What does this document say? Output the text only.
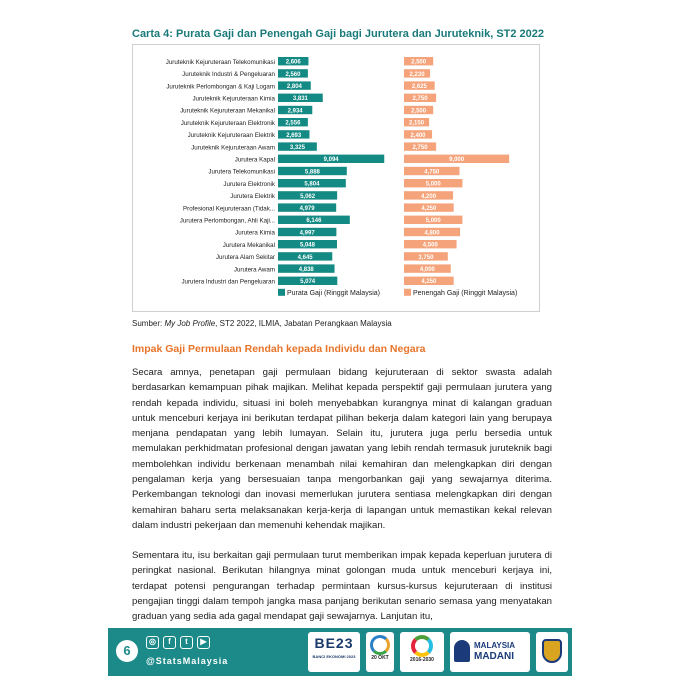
Carta 4: Purata Gaji dan Penengah Gaji bagi Jurutera dan Juruteknik, ST2 2022
Juruteknik Kejuruteraan Telekomunikasi 2,606	2,500
Juruteknik Industri & Pengeluaran 2,560	2,230
Juruteknik Perlombongan & Kaji Logam 2,804	2,625
Juruteknik Kejuruteraan Kimia	3,831	2,750
Juruteknik Kejuruteraan Mekanikal 2,934	2,500
Juruteknik Kejuruteraan Elektronik 2,556	2,150
Juruteknik Kejuruteraan Elektrik 2,693	2,400
Juruteknik Kejuruteraan Awam 3,325	2,750
Jurutera Kapal	9,094	9,000
Jurutera Telekomunikasi	5,888	4,750
Jurutera Elektronik	5,804	5,000
Jurutera Elektrik	5,062	4,200
Profesional Kejuruteraan (Tidak...	4,979	4,250
Jurutera Perlombongan, Ahli Kaji...	6,146	5,000
Jurutera Kimia	4,997	4,800
Jurutera Mekanikal	5,048	4,500
Jurutera Alam Sekitar	4,645	3,750
Jurutera Awam	4,838	4,000
Jurutera Industri dan Pengeluaran	5,074	4,250
Purata Gaji (Ringgit Malaysia)	Penengah Gaji (Ringgit Malaysia)
Sumber: My Job Profile, ST2 2022, ILMIA, Jabatan Perangkaan Malaysia
Impak Gaji Permulaan Rendah kepada Individu dan Negara

Secara amnya, penetapan gaji permulaan bidang kejuruteraan di sektor swasta adalah berdasarkan kemampuan pihak majikan. Melihat kepada perspektif gaji permulaan jurutera yang rendah kepada individu, situasi ini boleh menyebabkan kurangnya minat di kalangan graduan untuk menceburi kerjaya ini berikutan terdapat pilihan bekerja dalam kategori lain yang berupaya menjana pendapatan yang lebih lumayan. Selain itu, jurutera juga perlu bersedia untuk memulakan perkhidmatan profesional dengan jawatan yang lebih rendah termasuk juruteknik bagi membolehkan individu berkenaan menambah nilai kemahiran dan melengkapkan diri dengan pengalaman kerja yang bersesuaian tanpa mengorbankan gaji yang sewajarnya diterima. Perkembangan teknologi dan inovasi memerlukan jurutera sentiasa melengkapkan diri dengan kemahiran baharu serta melaksanakan kerja-kerja di lapangan untuk memastikan kekal relevan dalam industri pekerjaan dan memenuhi kehendak majikan.

Sementara itu, isu berkaitan gaji permulaan turut memberikan impak kepada keperluan jurutera di peringkat nasional. Berikutan hilangnya minat golongan muda untuk menceburi kerjaya ini, terdapat potensi pengurangan terhadap permintaan kursus-kursus kejuruteraan di institusi pengajian tinggi dalam tempoh jangka masa panjang berikutan senario semasa yang menyatakan graduan yang sedia ada gagal mendapat gaji sewajarnya. Lanjutan itu,

6
◎	f	t	▶
@StatsMalaysia
BE23
BANCI EKONOMI 2023	20 OKT	2016-2030
MALAYSIA
MADANI
